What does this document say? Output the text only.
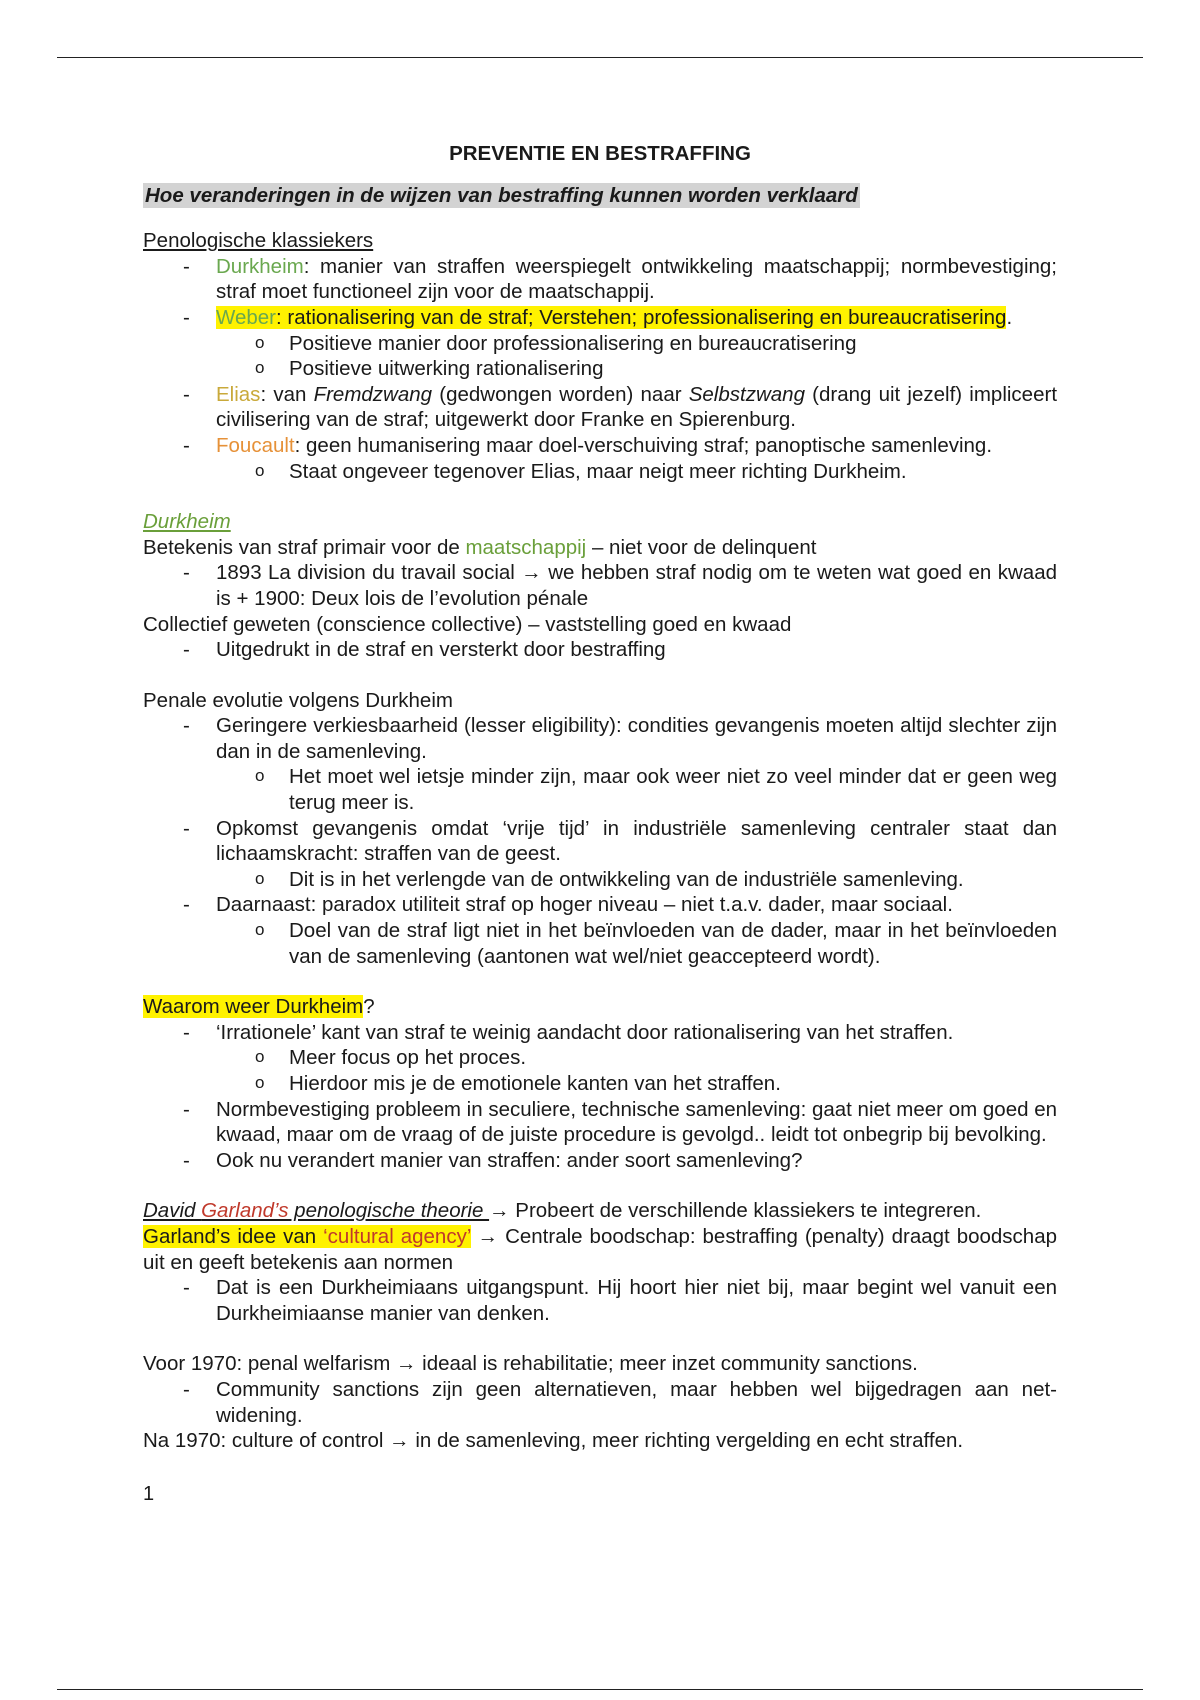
PREVENTIE EN BESTRAFFING
Hoe veranderingen in de wijzen van bestraffing kunnen worden verklaard
Penologische klassiekers
- Durkheim: manier van straffen weerspiegelt ontwikkeling maatschappij; normbevestiging; straf moet functioneel zijn voor de maatschappij.
- Weber: rationalisering van de straf; Verstehen; professionalisering en bureaucratisering.
o Positieve manier door professionalisering en bureaucratisering
o Positieve uitwerking rationalisering
- Elias: van Fremdzwang (gedwongen worden) naar Selbstzwang (drang uit jezelf) impliceert civilisering van de straf; uitgewerkt door Franke en Spierenburg.
- Foucault: geen humanisering maar doel-verschuiving straf; panoptische samenleving.
o Staat ongeveer tegenover Elias, maar neigt meer richting Durkheim.
Durkheim
Betekenis van straf primair voor de maatschappij – niet voor de delinquent
- 1893 La division du travail social → we hebben straf nodig om te weten wat goed en kwaad is + 1900: Deux lois de l’evolution pénale
Collectief geweten (conscience collective) – vaststelling goed en kwaad
- Uitgedrukt in de straf en versterkt door bestraffing
Penale evolutie volgens Durkheim
- Geringere verkiesbaarheid (lesser eligibility): condities gevangenis moeten altijd slechter zijn dan in de samenleving.
o Het moet wel ietsje minder zijn, maar ook weer niet zo veel minder dat er geen weg terug meer is.
- Opkomst gevangenis omdat ‘vrije tijd’ in industriële samenleving centraler staat dan lichaamskracht: straffen van de geest.
o Dit is in het verlengde van de ontwikkeling van de industriële samenleving.
- Daarnaast: paradox utiliteit straf op hoger niveau – niet t.a.v. dader, maar sociaal.
o Doel van de straf ligt niet in het beïnvloeden van de dader, maar in het beïnvloeden van de samenleving (aantonen wat wel/niet geaccepteerd wordt).
Waarom weer Durkheim?
- ‘Irrationele’ kant van straf te weinig aandacht door rationalisering van het straffen.
o Meer focus op het proces.
o Hierdoor mis je de emotionele kanten van het straffen.
- Normbevestiging probleem in seculiere, technische samenleving: gaat niet meer om goed en kwaad, maar om de vraag of de juiste procedure is gevolgd.. leidt tot onbegrip bij bevolking.
- Ook nu verandert manier van straffen: ander soort samenleving?
David Garland’s penologische theorie → Probeert de verschillende klassiekers te integreren.
Garland’s idee van ‘cultural agency’ → Centrale boodschap: bestraffing (penalty) draagt boodschap uit en geeft betekenis aan normen
- Dat is een Durkheimiaans uitgangspunt. Hij hoort hier niet bij, maar begint wel vanuit een Durkheimiaanse manier van denken.
Voor 1970: penal welfarism → ideaal is rehabilitatie; meer inzet community sanctions.
- Community sanctions zijn geen alternatieven, maar hebben wel bijgedragen aan net-widening.
Na 1970: culture of control → in de samenleving, meer richting vergelding en echt straffen.
1
